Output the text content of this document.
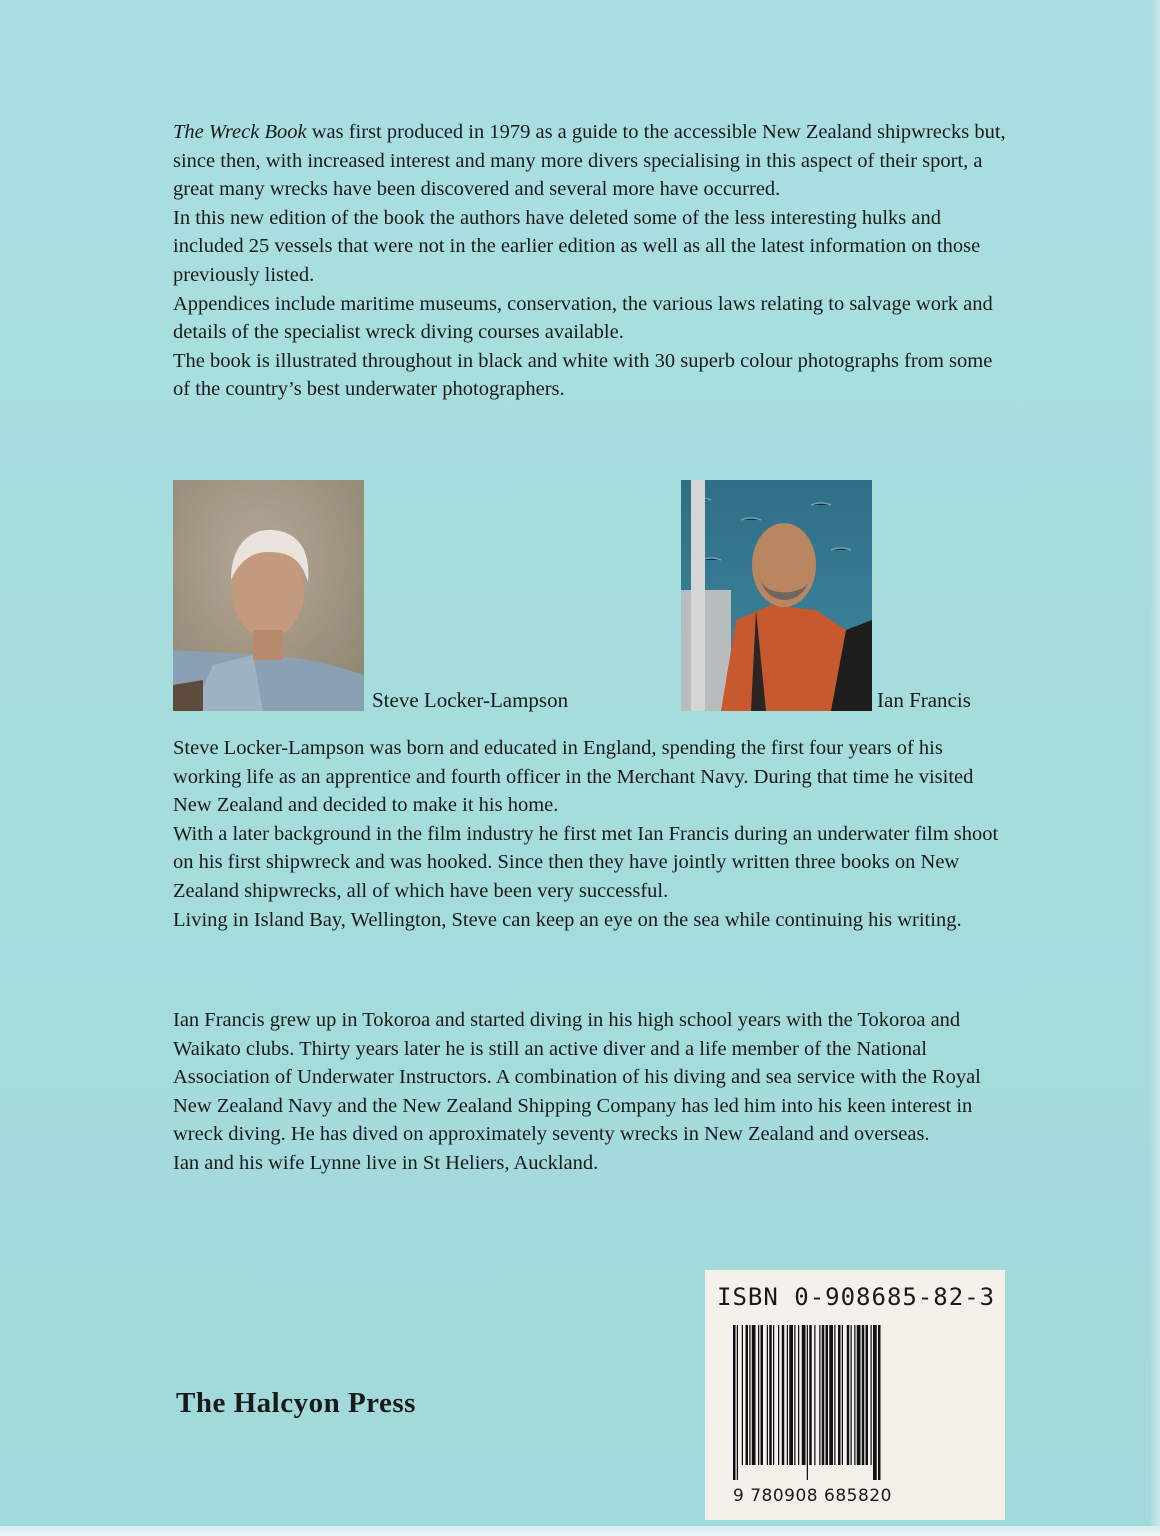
The Wreck Book was first produced in 1979 as a guide to the accessible New Zealand shipwrecks but, since then, with increased interest and many more divers specialising in this aspect of their sport, a great many wrecks have been discovered and several more have occurred.

In this new edition of the book the authors have deleted some of the less interesting hulks and included 25 vessels that were not in the earlier edition as well as all the latest information on those previously listed.

Appendices include maritime museums, conservation, the various laws relating to salvage work and details of the specialist wreck diving courses available.

The book is illustrated throughout in black and white with 30 superb colour photographs from some of the country’s best underwater photographers.

Steve Locker-Lampson	Ian Francis

Steve Locker-Lampson was born and educated in England, spending the first four years of his working life as an apprentice and fourth officer in the Merchant Navy. During that time he visited New Zealand and decided to make it his home.

With a later background in the film industry he first met Ian Francis during an underwater film shoot on his first shipwreck and was hooked. Since then they have jointly written three books on New Zealand shipwrecks, all of which have been very successful.

Living in Island Bay, Wellington, Steve can keep an eye on the sea while continuing his writing.

Ian Francis grew up in Tokoroa and started diving in his high school years with the Tokoroa and Waikato clubs. Thirty years later he is still an active diver and a life member of the National Association of Underwater Instructors. A combination of his diving and sea service with the Royal New Zealand Navy and the New Zealand Shipping Company has led him into his keen interest in wreck diving. He has dived on approximately seventy wrecks in New Zealand and overseas.

Ian and his wife Lynne live in St Heliers, Auckland.

ISBN 0-908685-82-3
9 780908 685820
The Halcyon Press
